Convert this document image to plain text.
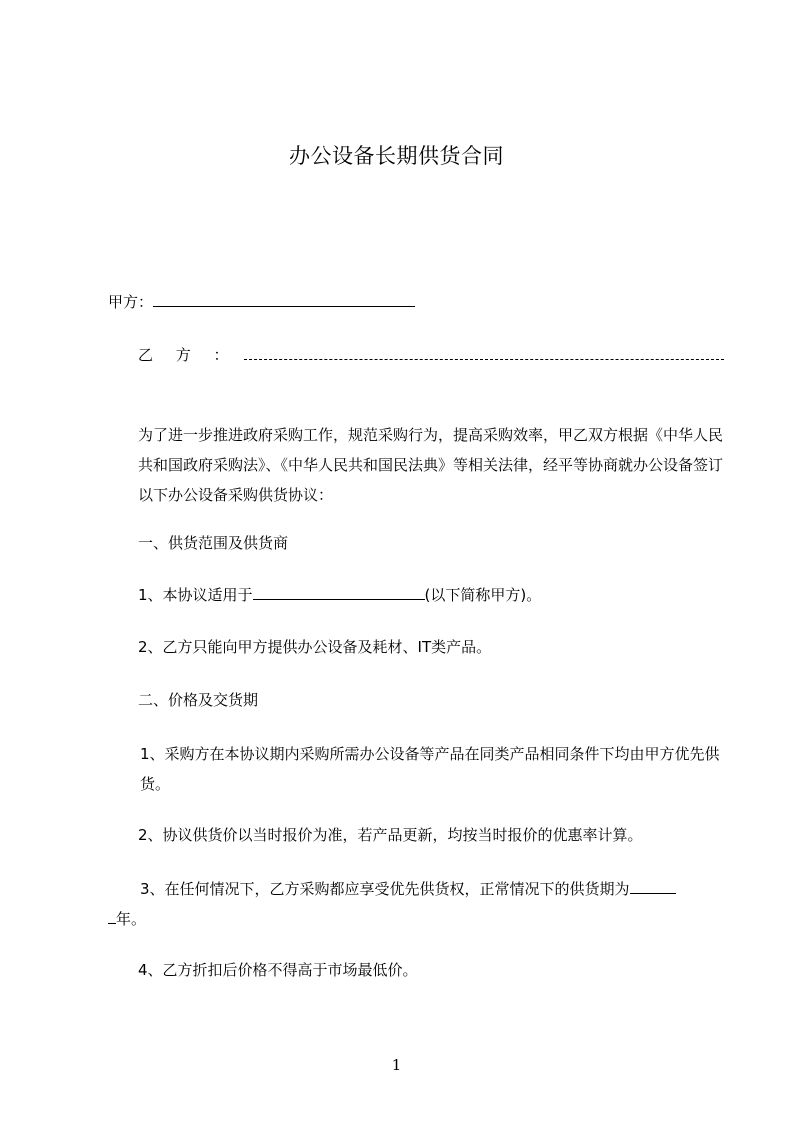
办公设备长期供货合同
甲方：
乙 方 ：
为了进一步推进政府采购工作，规范采购行为，提高采购效率，甲乙双方根据《中华人民共和国政府采购法》、《中华人民共和国民法典》等相关法律，经平等协商就办公设备签订以下办公设备采购供货协议：
一、供货范围及供货商
1、本协议适用于	(以下简称甲方)。
2、乙方只能向甲方提供办公设备及耗材、IT类产品。
二、价格及交货期
1、采购方在本协议期内采购所需办公设备等产品在同类产品相同条件下均由甲方优先供货。
2、协议供货价以当时报价为准，若产品更新，均按当时报价的优惠率计算。
3、在任何情况下，乙方采购都应享受优先供货权，正常情况下的供货期为
年。
4、乙方折扣后价格不得高于市场最低价。
1
